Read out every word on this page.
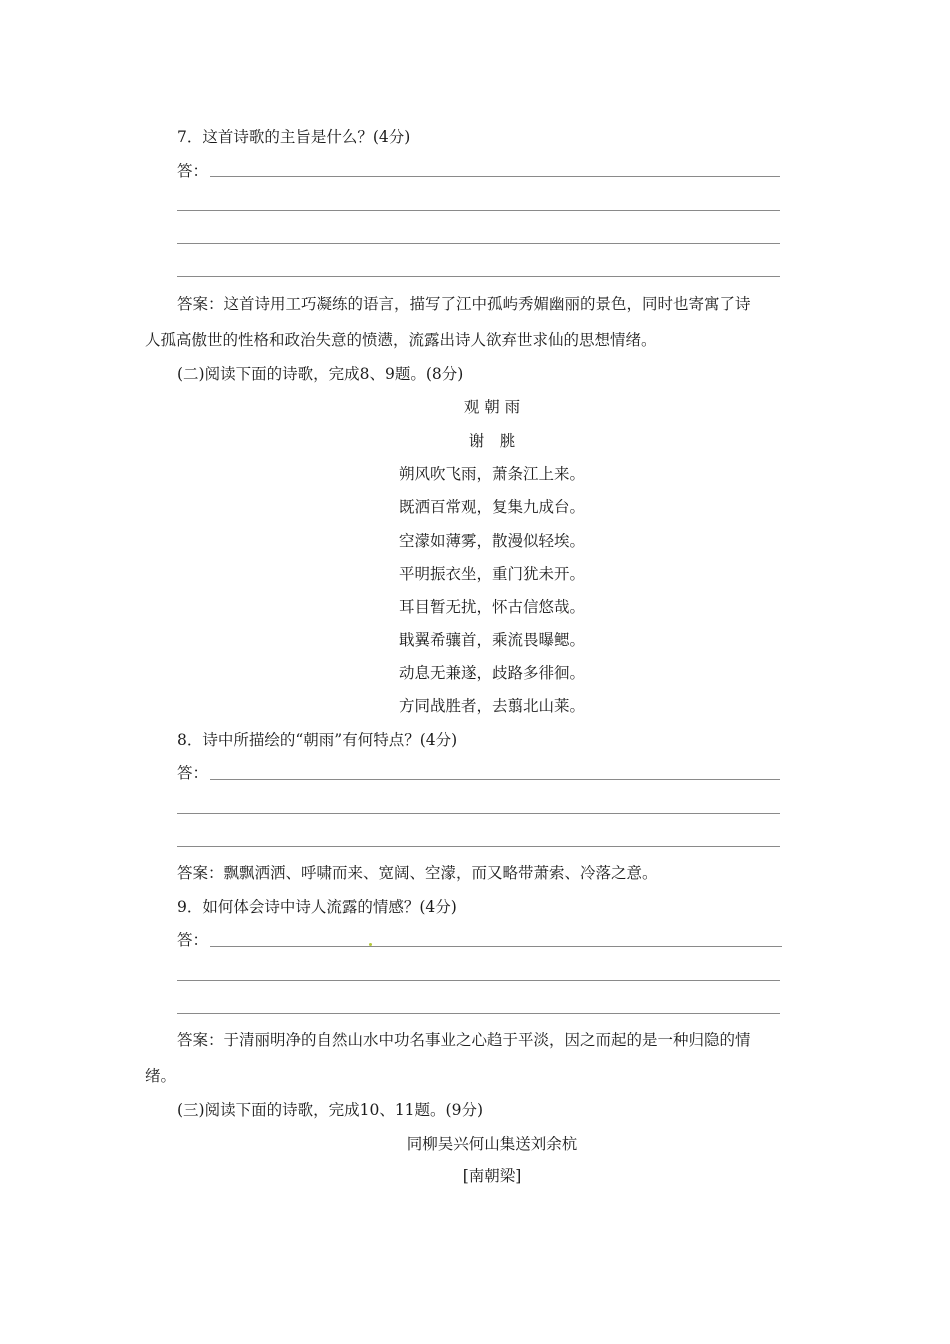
7．这首诗歌的主旨是什么？(4分)
答：
答案：这首诗用工巧凝练的语言，描写了江中孤屿秀媚幽丽的景色，同时也寄寓了诗
人孤高傲世的性格和政治失意的愤懑，流露出诗人欲弃世求仙的思想情绪。
(二)阅读下面的诗歌，完成8、9题。(8分)
观 朝 雨
谢　脁
朔风吹飞雨，萧条江上来。
既洒百常观，复集九成台。
空濛如薄雾，散漫似轻埃。
平明振衣坐，重门犹未开。
耳目暂无扰，怀古信悠哉。
戢翼希骧首，乘流畏曝鳃。
动息无兼遂，歧路多徘徊。
方同战胜者，去翦北山莱。
8．诗中所描绘的“朝雨”有何特点？(4分)
答：
答案：飘飘洒洒、呼啸而来、宽阔、空濛，而又略带萧索、冷落之意。
9．如何体会诗中诗人流露的情感？(4分)
答：
答案：于清丽明净的自然山水中功名事业之心趋于平淡，因之而起的是一种归隐的情
绪。
(三)阅读下面的诗歌，完成10、11题。(9分)
同柳吴兴何山集送刘余杭
[南朝梁]
